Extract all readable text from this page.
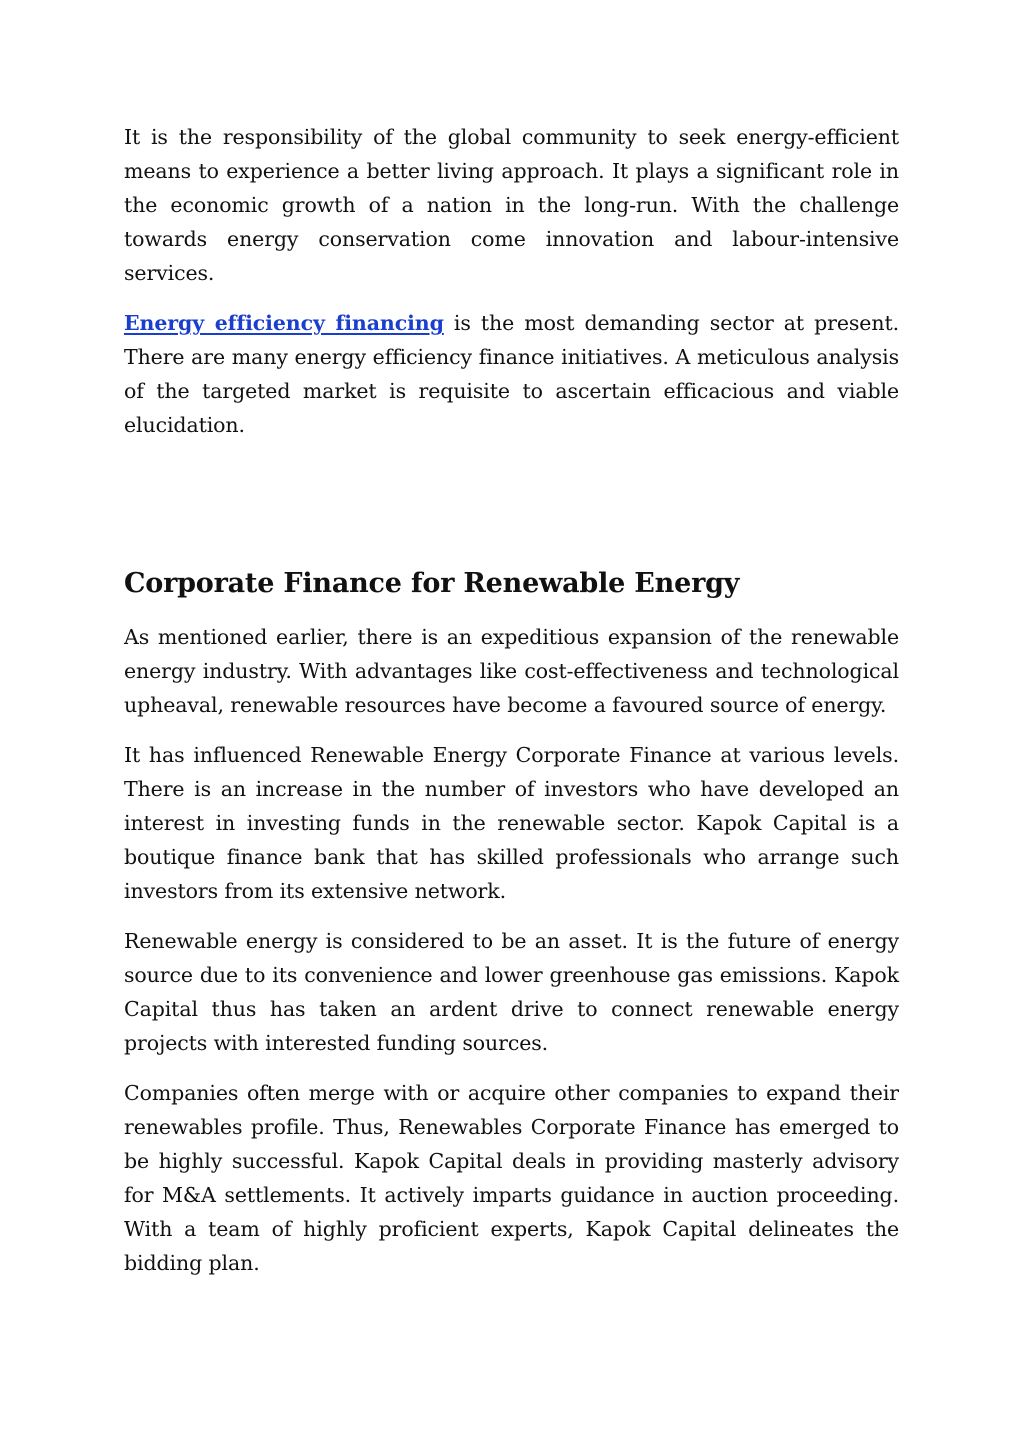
It is the responsibility of the global community to seek energy-efficient means to experience a better living approach. It plays a significant role in the economic growth of a nation in the long-run. With the challenge towards energy conservation come innovation and labour-intensive services.

Energy efficiency financing is the most demanding sector at present. There are many energy efficiency finance initiatives. A meticulous analysis of the targeted market is requisite to ascertain efficacious and viable elucidation.

Corporate Finance for Renewable Energy

As mentioned earlier, there is an expeditious expansion of the renewable energy industry. With advantages like cost-effectiveness and technological upheaval, renewable resources have become a favoured source of energy.

It has influenced Renewable Energy Corporate Finance at various levels. There is an increase in the number of investors who have developed an interest in investing funds in the renewable sector. Kapok Capital is a boutique finance bank that has skilled professionals who arrange such investors from its extensive network.

Renewable energy is considered to be an asset. It is the future of energy source due to its convenience and lower greenhouse gas emissions. Kapok Capital thus has taken an ardent drive to connect renewable energy projects with interested funding sources.

Companies often merge with or acquire other companies to expand their renewables profile. Thus, Renewables Corporate Finance has emerged to be highly successful. Kapok Capital deals in providing masterly advisory for M&A settlements. It actively imparts guidance in auction proceeding. With a team of highly proficient experts, Kapok Capital delineates the bidding plan.
